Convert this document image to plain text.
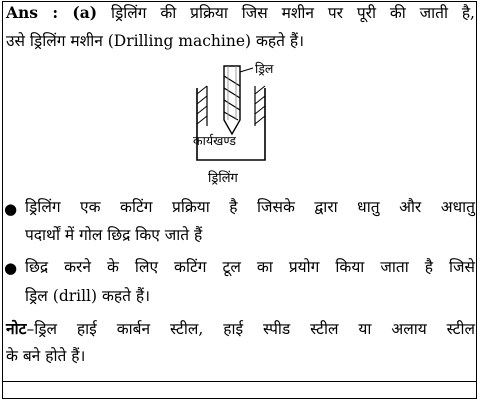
Ans : (a) ड्रिलिंग की प्रक्रिया जिस मशीन पर पूरी की जाती है,
उसे ड्रिलिंग मशीन (Drilling machine) कहते हैं।
ड्रिल
कार्यखण्ड
ड्रिलिंग
● ड्रिलिंग एक कटिंग प्रक्रिया है जिसके द्वारा धातु और अधातु
पदार्थों में गोल छिद्र किए जाते हैं
● छिद्र करने के लिए कटिंग टूल का प्रयोग किया जाता है जिसे
ड्रिल (drill) कहते हैं।
नोट–ड्रिल हाई कार्बन स्टील, हाई स्पीड स्टील या अलाय स्टील
के बने होते हैं।
